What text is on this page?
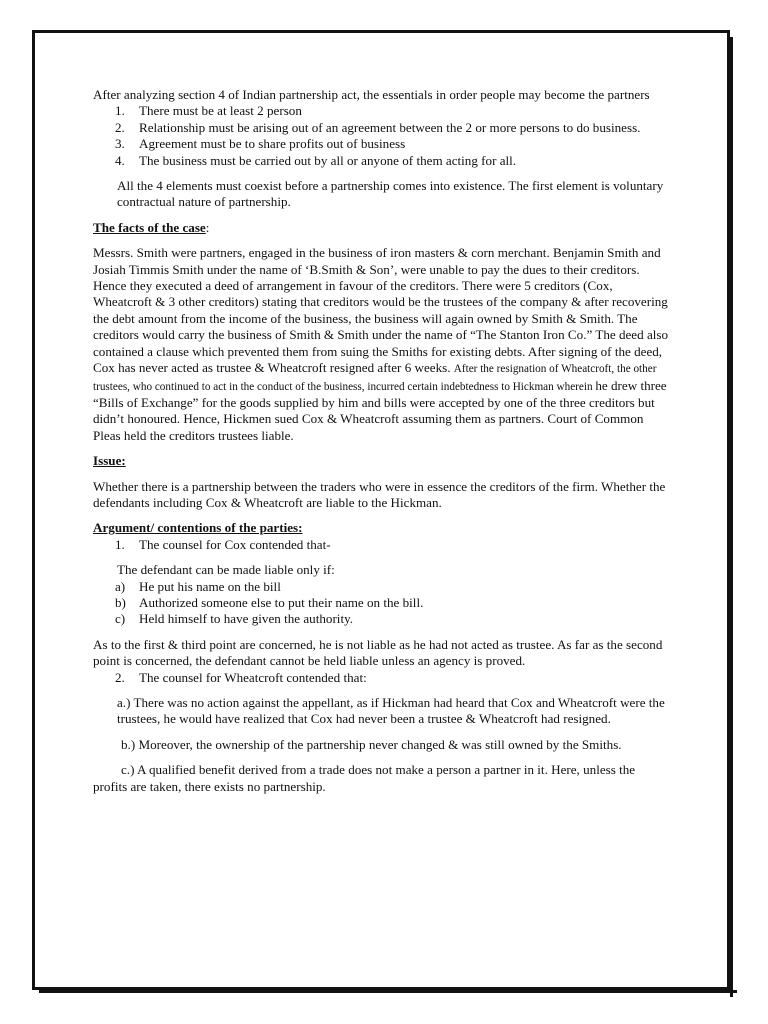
After analyzing section 4 of Indian partnership act, the essentials in order people may become the partners

1. There must be at least 2 person
2. Relationship must be arising out of an agreement between the 2 or more persons to do business.
3. Agreement must be to share profits out of business
4. The business must be carried out by all or anyone of them acting for all.

All the 4 elements must coexist before a partnership comes into existence. The first element is voluntary contractual nature of partnership.

The facts of the case:

Messrs. Smith were partners, engaged in the business of iron masters & corn merchant. Benjamin Smith and Josiah Timmis Smith under the name of ‘B.Smith & Son’, were unable to pay the dues to their creditors. Hence they executed a deed of arrangement in favour of the creditors. There were 5 creditors (Cox, Wheatcroft & 3 other creditors) stating that creditors would be the trustees of the company & after recovering the debt amount from the income of the business, the business will again owned by Smith & Smith. The creditors would carry the business of Smith & Smith under the name of “The Stanton Iron Co.” The deed also contained a clause which prevented them from suing the Smiths for existing debts. After signing of the deed, Cox has never acted as trustee & Wheatcroft resigned after 6 weeks. After the resignation of Wheatcroft, the other trustees, who continued to act in the conduct of the business, incurred certain indebtedness to Hickman wherein he drew three “Bills of Exchange” for the goods supplied by him and bills were accepted by one of the three creditors but didn’t honoured. Hence, Hickmen sued Cox & Wheatcroft assuming them as partners. Court of Common Pleas held the creditors trustees liable.

Issue:

Whether there is a partnership between the traders who were in essence the creditors of the firm. Whether the defendants including Cox & Wheatcroft are liable to the Hickman.

Argument/ contentions of the parties:

1. The counsel for Cox contended that-

The defendant can be made liable only if:

a) He put his name on the bill
b) Authorized someone else to put their name on the bill.
c) Held himself to have given the authority.

As to the first & third point are concerned, he is not liable as he had not acted as trustee. As far as the second point is concerned, the defendant cannot be held liable unless an agency is proved.

2. The counsel for Wheatcroft contended that:

a.) There was no action against the appellant, as if Hickman had heard that Cox and Wheatcroft were the trustees, he would have realized that Cox had never been a trustee & Wheatcroft had resigned.

b.) Moreover, the ownership of the partnership never changed & was still owned by the Smiths.

c.) A qualified benefit derived from a trade does not make a person a partner in it. Here, unless the profits are taken, there exists no partnership.
